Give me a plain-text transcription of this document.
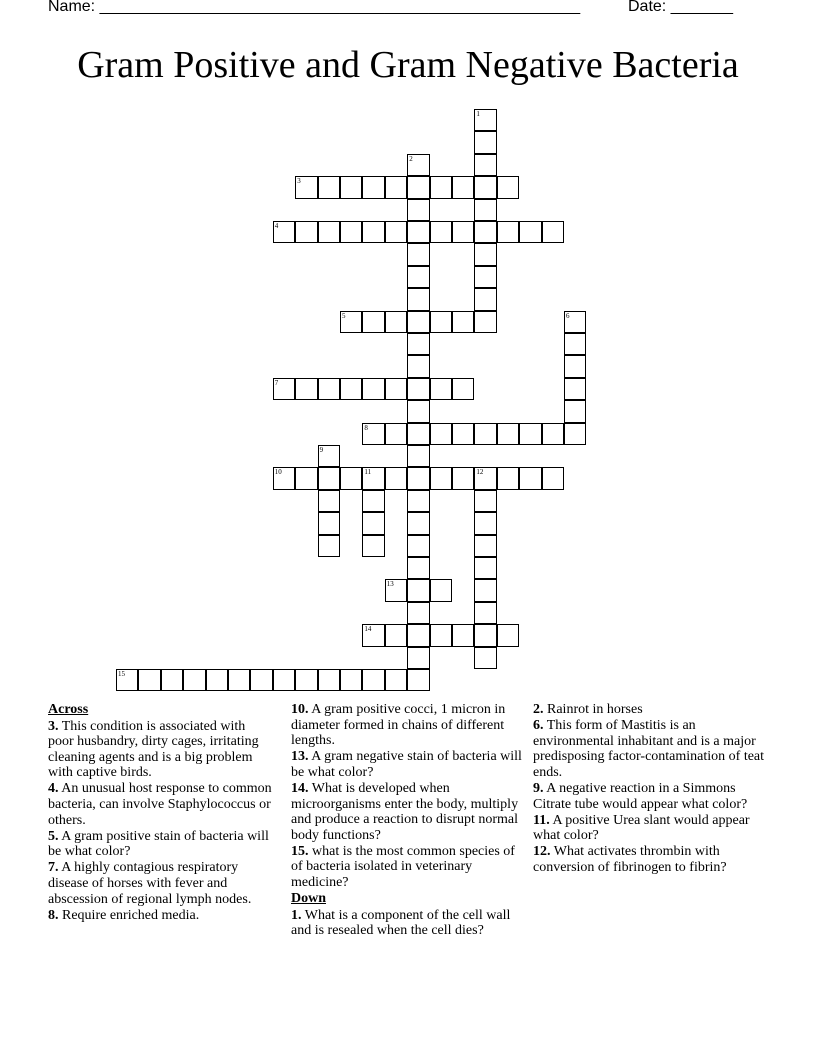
Name: ______________________________________________________	Date: _______
Gram Positive and Gram Negative Bacteria
3
4
5
7
8
10	11	12
13
14
15
1
2
6
9
Across
3. This condition is associated with poor husbandry, dirty cages, irritating cleaning agents and is a big problem with captive birds.
4. An unusual host response to common bacteria, can involve Staphylococcus or others.
5. A gram positive stain of bacteria will be what color?
7. A highly contagious respiratory disease of horses with fever and abscession of regional lymph nodes.
8. Require enriched media.
10. A gram positive cocci, 1 micron in diameter formed in chains of different lengths.
13. A gram negative stain of bacteria will be what color?
14. What is developed when microorganisms enter the body, multiply and produce a reaction to disrupt normal body functions?
15. what is the most common species of of bacteria isolated in veterinary medicine?
Down
1. What is a component of the cell wall and is resealed when the cell dies?
2. Rainrot in horses
6. This form of Mastitis is an environmental inhabitant and is a major predisposing factor-contamination of teat ends.
9. A negative reaction in a Simmons Citrate tube would appear what color?
11. A positive Urea slant would appear what color?
12. What activates thrombin with conversion of fibrinogen to fibrin?
